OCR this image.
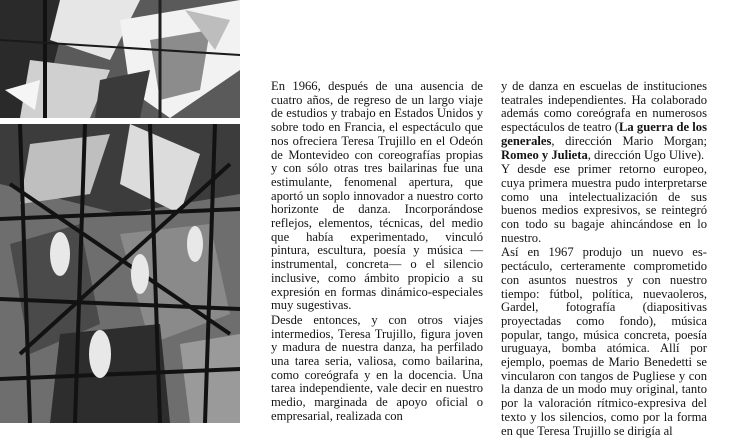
En 1966, después de una ausencia de cuatro años, de regreso de un largo viaje de estudios y trabajo en Estados Unidos y sobre todo en Francia, el espectáculo que nos ofreciera Teresa Trujillo en el Odeón de Montevideo con coreografías propias y con sólo otras tres bailarinas fue una estimulante, fenomenal apertura, que aportó un soplo innovador a nuestro corto horizonte de danza. Incorporándose reflejos, elementos, técnicas, del medio que había experimentado, vinculó pintura, escultura, poesía y música —instrumental, concreta— o el silencio inclusive, como ámbito propicio a su expresión en formas dinámico-especiales muy sugestivas.

Desde entonces, y con otros viajes intermedios, Teresa Trujillo, figura joven y madura de nuestra danza, ha perfilado una tarea seria, valiosa, como bailarina, como coreógrafa y en la docencia. Una tarea independiente, vale decir en nuestro medio, marginada de apoyo oficial o empresarial, realizada con

y de danza en escuelas de instituciones teatrales independientes. Ha colaborado además como coreógrafa en numerosos espectáculos de teatro (La guerra de los generales, dirección Mario Morgan; Romeo y Julieta, dirección Ugo Ulive).

Y desde ese primer retorno europeo, cuya primera muestra pudo interpretarse como una intelectualización de sus buenos medios expresivos, se reintegró con todo su bagaje ahincándose en lo nuestro.

Así en 1967 produjo un nuevo espectáculo, certeramente comprometido con asuntos nuestros y con nuestro tiempo: fútbol, política, nuevaoleros, Gardel, fotografía (diapositivas proyectadas como fondo), música popular, tango, música concreta, poesía uruguaya, bomba atómica. Allí por ejemplo, poemas de Mario Benedetti se vincularon con tangos de Pugliese y con la danza de un modo muy original, tanto por la valoración rítmico-expresiva del texto y los silencios, como por la forma en que Teresa Trujillo se dirigía al
